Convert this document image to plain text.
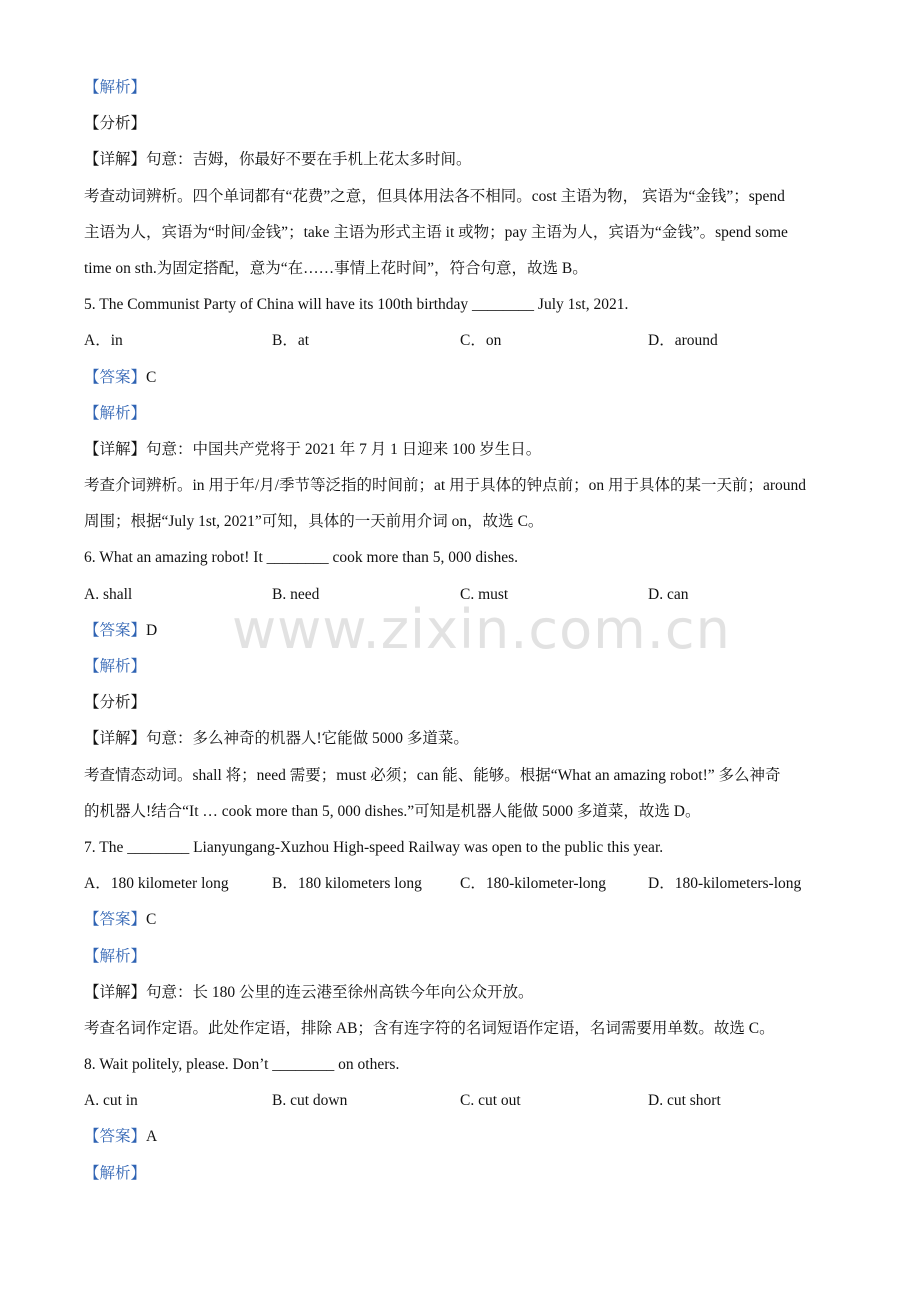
www.zixin.com.cn
【解析】
【分析】
【详解】句意：吉姆，你最好不要在手机上花太多时间。
考查动词辨析。四个单词都有“花费”之意，但具体用法各不相同。cost 主语为物， 宾语为“金钱”；spend
主语为人，宾语为“时间/金钱”；take 主语为形式主语 it 或物；pay 主语为人，宾语为“金钱”。spend some
time on sth.为固定搭配，意为“在……事情上花时间”，符合句意，故选 B。
5. The Communist Party of China will have its 100th birthday ________ July 1st, 2021.
A．in	B．at	C．on	D．around
【答案】C
【解析】
【详解】句意：中国共产党将于 2021 年 7 月 1 日迎来 100 岁生日。
考查介词辨析。in 用于年/月/季节等泛指的时间前；at 用于具体的钟点前；on 用于具体的某一天前；around
周围；根据“July 1st, 2021”可知，具体的一天前用介词 on，故选 C。
6. What an amazing robot! It ________ cook more than 5, 000 dishes.
A. shall	B. need	C. must	D. can
【答案】D
【解析】
【分析】
【详解】句意：多么神奇的机器人!它能做 5000 多道菜。
考查情态动词。shall 将；need 需要；must 必须；can 能、能够。根据“What an amazing robot!” 多么神奇
的机器人!结合“It … cook more than 5, 000 dishes.”可知是机器人能做 5000 多道菜，故选 D。
7. The ________ Lianyungang-Xuzhou High-speed Railway was open to the public this year.
A．180 kilometer long	B．180 kilometers long	C．180-kilometer-long	D．180-kilometers-long
【答案】C
【解析】
【详解】句意：长 180 公里的连云港至徐州高铁今年向公众开放。
考查名词作定语。此处作定语，排除 AB；含有连字符的名词短语作定语，名词需要用单数。故选 C。
8. Wait politely, please. Don’t ________ on others.
A. cut in	B. cut down	C. cut out	D. cut short
【答案】A
【解析】
